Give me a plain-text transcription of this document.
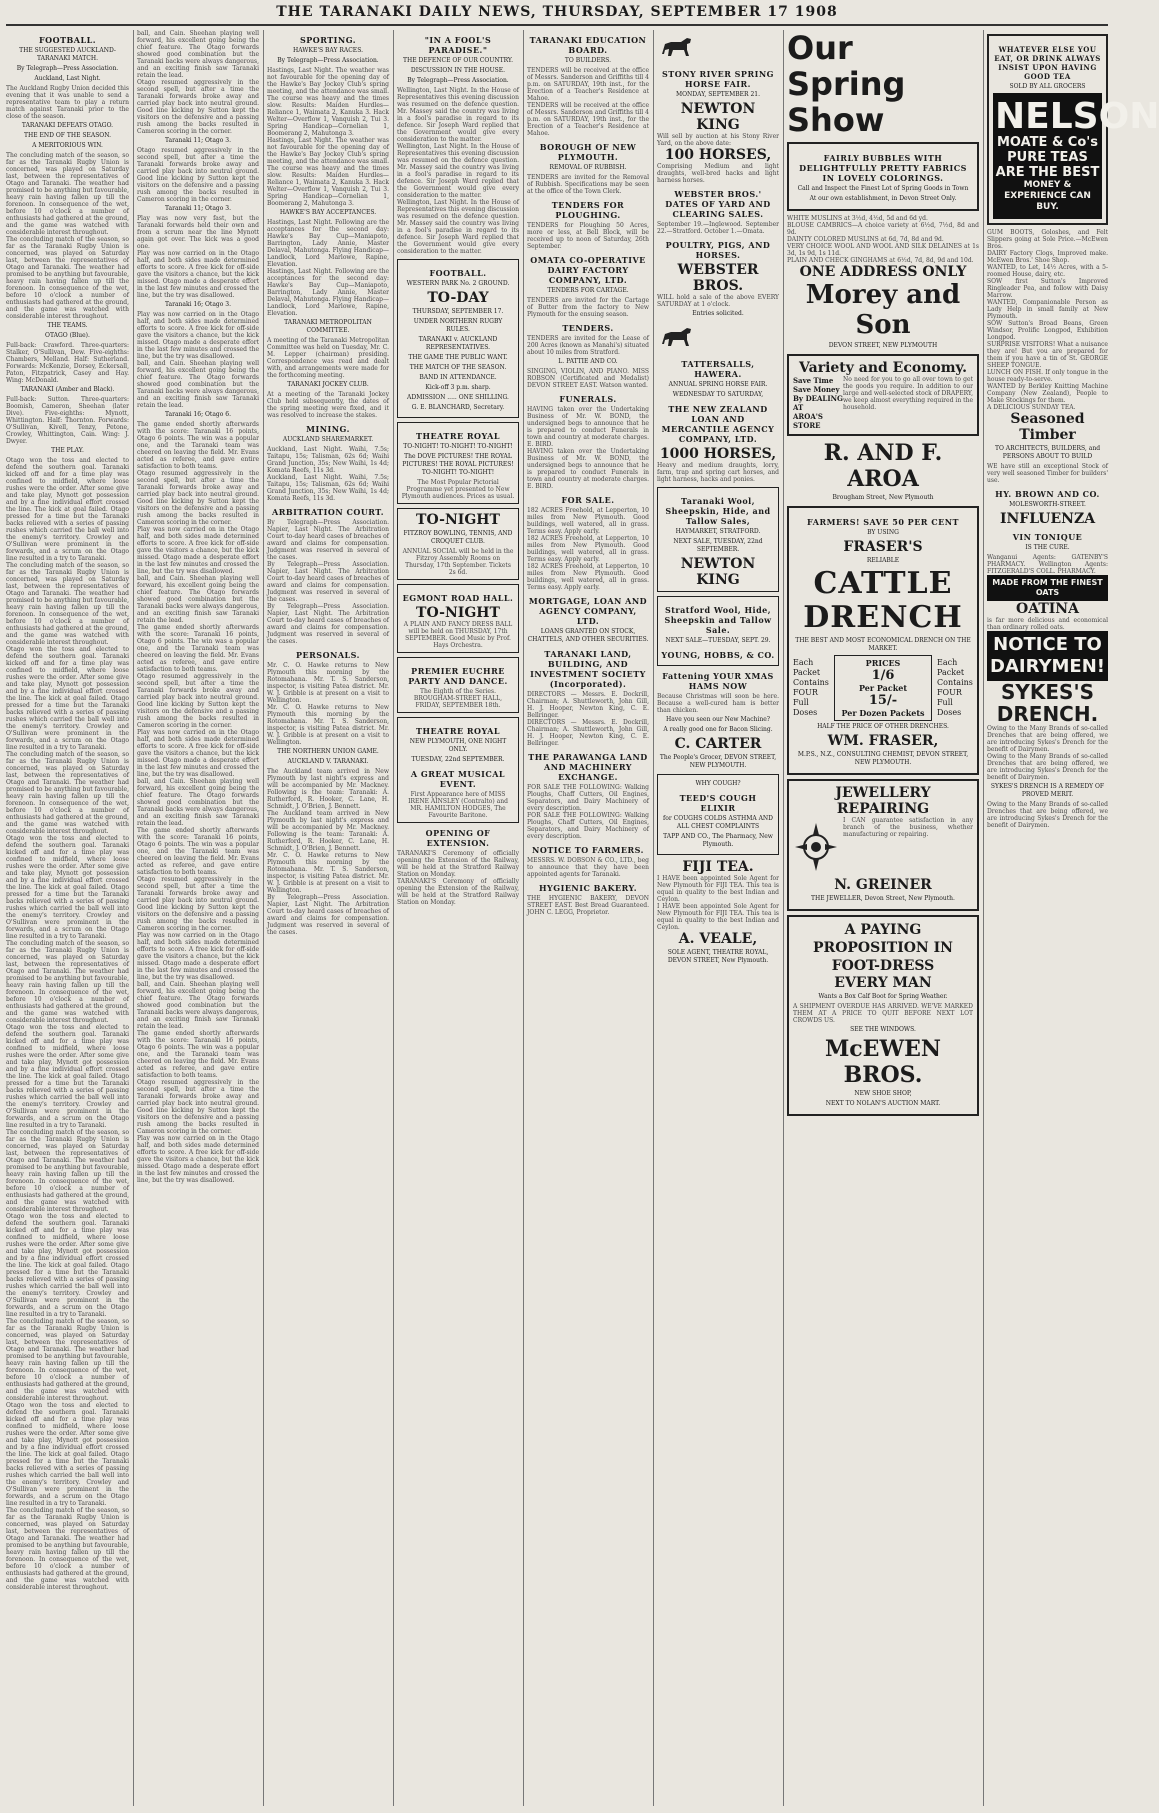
THE TARANAKI DAILY NEWS, THURSDAY, SEPTEMBER 17 1908
FOOTBALL.
THE SUGGESTED AUCKLAND-TARANAKI MATCH.
By Telegraph—Press Association.
Auckland, Last Night.

The Auckland Rugby Union decided this evening that it was unable to send a representative team to play a return match against Taranaki prior to the close of the season.

TARANAKI DEFEATS OTAGO.
THE END OF THE SEASON.
A MERITORIOUS WIN.

The concluding match of the season, so far as the Taranaki Rugby Union is concerned, was played on Saturday last, between the representatives of Otago and Taranaki. The weather had promised to be anything but favourable, heavy rain having fallen up till the forenoon. In consequence of the wet, before 10 o'clock a number of enthusiasts had gathered at the ground, and the game was watched with considerable interest throughout.

The concluding match of the season, so far as the Taranaki Rugby Union is concerned, was played on Saturday last, between the representatives of Otago and Taranaki. The weather had promised to be anything but favourable, heavy rain having fallen up till the forenoon. In consequence of the wet, before 10 o'clock a number of enthusiasts had gathered at the ground, and the game was watched with considerable interest throughout.

THE TEAMS.
OTAGO (Blue).

Full-back: Crawford. Three-quarters: Stalker, O'Sullivan, Dew. Five-eighths: Chambers, Melland. Half: Sutherland. Forwards: McKenzie, Dorsey, Eckersall, Paton, Fitzpatrick, Casey and Hay. Wing: McDonald.

TARANAKI (Amber and Black).

Full-back: Sutton. Three-quarters: Boomish, Cameron, Sheehan (later Dive). Five-eighths: Mynott, Whittington. Half: Thornton. Forwards: O'Sullivan, Kivell, Tenzy, Petone, Crowley, Whittington, Cain. Wing: J. Dwyer.

THE PLAY.

Otago won the toss and elected to defend the southern goal. Taranaki kicked off and for a time play was confined to midfield, where loose rushes were the order. After some give and take play, Mynott got possession and by a fine individual effort crossed the line. The kick at goal failed. Otago pressed for a time but the Taranaki backs relieved with a series of passing rushes which carried the ball well into the enemy's territory. Crowley and O'Sullivan were prominent in the forwards, and a scrum on the Otago line resulted in a try to Taranaki.

The concluding match of the season, so far as the Taranaki Rugby Union is concerned, was played on Saturday last, between the representatives of Otago and Taranaki. The weather had promised to be anything but favourable, heavy rain having fallen up till the forenoon. In consequence of the wet, before 10 o'clock a number of enthusiasts had gathered at the ground, and the game was watched with considerable interest throughout.

Otago won the toss and elected to defend the southern goal. Taranaki kicked off and for a time play was confined to midfield, where loose rushes were the order. After some give and take play, Mynott got possession and by a fine individual effort crossed the line. The kick at goal failed. Otago pressed for a time but the Taranaki backs relieved with a series of passing rushes which carried the ball well into the enemy's territory. Crowley and O'Sullivan were prominent in the forwards, and a scrum on the Otago line resulted in a try to Taranaki.

The concluding match of the season, so far as the Taranaki Rugby Union is concerned, was played on Saturday last, between the representatives of Otago and Taranaki. The weather had promised to be anything but favourable, heavy rain having fallen up till the forenoon. In consequence of the wet, before 10 o'clock a number of enthusiasts had gathered at the ground, and the game was watched with considerable interest throughout.

Otago won the toss and elected to defend the southern goal. Taranaki kicked off and for a time play was confined to midfield, where loose rushes were the order. After some give and take play, Mynott got possession and by a fine individual effort crossed the line. The kick at goal failed. Otago pressed for a time but the Taranaki backs relieved with a series of passing rushes which carried the ball well into the enemy's territory. Crowley and O'Sullivan were prominent in the forwards, and a scrum on the Otago line resulted in a try to Taranaki.

The concluding match of the season, so far as the Taranaki Rugby Union is concerned, was played on Saturday last, between the representatives of Otago and Taranaki. The weather had promised to be anything but favourable, heavy rain having fallen up till the forenoon. In consequence of the wet, before 10 o'clock a number of enthusiasts had gathered at the ground, and the game was watched with considerable interest throughout.

Otago won the toss and elected to defend the southern goal. Taranaki kicked off and for a time play was confined to midfield, where loose rushes were the order. After some give and take play, Mynott got possession and by a fine individual effort crossed the line. The kick at goal failed. Otago pressed for a time but the Taranaki backs relieved with a series of passing rushes which carried the ball well into the enemy's territory. Crowley and O'Sullivan were prominent in the forwards, and a scrum on the Otago line resulted in a try to Taranaki.

The concluding match of the season, so far as the Taranaki Rugby Union is concerned, was played on Saturday last, between the representatives of Otago and Taranaki. The weather had promised to be anything but favourable, heavy rain having fallen up till the forenoon. In consequence of the wet, before 10 o'clock a number of enthusiasts had gathered at the ground, and the game was watched with considerable interest throughout.

Otago won the toss and elected to defend the southern goal. Taranaki kicked off and for a time play was confined to midfield, where loose rushes were the order. After some give and take play, Mynott got possession and by a fine individual effort crossed the line. The kick at goal failed. Otago pressed for a time but the Taranaki backs relieved with a series of passing rushes which carried the ball well into the enemy's territory. Crowley and O'Sullivan were prominent in the forwards, and a scrum on the Otago line resulted in a try to Taranaki.

The concluding match of the season, so far as the Taranaki Rugby Union is concerned, was played on Saturday last, between the representatives of Otago and Taranaki. The weather had promised to be anything but favourable, heavy rain having fallen up till the forenoon. In consequence of the wet, before 10 o'clock a number of enthusiasts had gathered at the ground, and the game was watched with considerable interest throughout.

Otago won the toss and elected to defend the southern goal. Taranaki kicked off and for a time play was confined to midfield, where loose rushes were the order. After some give and take play, Mynott got possession and by a fine individual effort crossed the line. The kick at goal failed. Otago pressed for a time but the Taranaki backs relieved with a series of passing rushes which carried the ball well into the enemy's territory. Crowley and O'Sullivan were prominent in the forwards, and a scrum on the Otago line resulted in a try to Taranaki.

The concluding match of the season, so far as the Taranaki Rugby Union is concerned, was played on Saturday last, between the representatives of Otago and Taranaki. The weather had promised to be anything but favourable, heavy rain having fallen up till the forenoon. In consequence of the wet, before 10 o'clock a number of enthusiasts had gathered at the ground, and the game was watched with considerable interest throughout.

ball, and Cain. Sheehan playing well forward, his excellent going being the chief feature. The Otago forwards showed good combination but the Taranaki backs were always dangerous, and an exciting finish saw Taranaki retain the lead.

Otago resumed aggressively in the second spell, but after a time the Taranaki forwards broke away and carried play back into neutral ground. Good line kicking by Sutton kept the visitors on the defensive and a passing rush among the backs resulted in Cameron scoring in the corner.

Taranaki 11; Otago 3.

Otago resumed aggressively in the second spell, but after a time the Taranaki forwards broke away and carried play back into neutral ground. Good line kicking by Sutton kept the visitors on the defensive and a passing rush among the backs resulted in Cameron scoring in the corner.

Taranaki 11; Otago 3.

Play was now very fast, but the Taranaki forwards held their own and from a scrum near the line Mynott again got over. The kick was a good one.

Play was now carried on in the Otago half, and both sides made determined efforts to score. A free kick for off-side gave the visitors a chance, but the kick missed. Otago made a desperate effort in the last few minutes and crossed the line, but the try was disallowed.

Taranaki 16; Otago 3.

Play was now carried on in the Otago half, and both sides made determined efforts to score. A free kick for off-side gave the visitors a chance, but the kick missed. Otago made a desperate effort in the last few minutes and crossed the line, but the try was disallowed.

ball, and Cain. Sheehan playing well forward, his excellent going being the chief feature. The Otago forwards showed good combination but the Taranaki backs were always dangerous, and an exciting finish saw Taranaki retain the lead.

Taranaki 16; Otago 6.

The game ended shortly afterwards with the score: Taranaki 16 points, Otago 6 points. The win was a popular one, and the Taranaki team was cheered on leaving the field. Mr. Evans acted as referee, and gave entire satisfaction to both teams.

Otago resumed aggressively in the second spell, but after a time the Taranaki forwards broke away and carried play back into neutral ground. Good line kicking by Sutton kept the visitors on the defensive and a passing rush among the backs resulted in Cameron scoring in the corner.

Play was now carried on in the Otago half, and both sides made determined efforts to score. A free kick for off-side gave the visitors a chance, but the kick missed. Otago made a desperate effort in the last few minutes and crossed the line, but the try was disallowed.

ball, and Cain. Sheehan playing well forward, his excellent going being the chief feature. The Otago forwards showed good combination but the Taranaki backs were always dangerous, and an exciting finish saw Taranaki retain the lead.

The game ended shortly afterwards with the score: Taranaki 16 points, Otago 6 points. The win was a popular one, and the Taranaki team was cheered on leaving the field. Mr. Evans acted as referee, and gave entire satisfaction to both teams.

Otago resumed aggressively in the second spell, but after a time the Taranaki forwards broke away and carried play back into neutral ground. Good line kicking by Sutton kept the visitors on the defensive and a passing rush among the backs resulted in Cameron scoring in the corner.

Play was now carried on in the Otago half, and both sides made determined efforts to score. A free kick for off-side gave the visitors a chance, but the kick missed. Otago made a desperate effort in the last few minutes and crossed the line, but the try was disallowed.

ball, and Cain. Sheehan playing well forward, his excellent going being the chief feature. The Otago forwards showed good combination but the Taranaki backs were always dangerous, and an exciting finish saw Taranaki retain the lead.

The game ended shortly afterwards with the score: Taranaki 16 points, Otago 6 points. The win was a popular one, and the Taranaki team was cheered on leaving the field. Mr. Evans acted as referee, and gave entire satisfaction to both teams.

Otago resumed aggressively in the second spell, but after a time the Taranaki forwards broke away and carried play back into neutral ground. Good line kicking by Sutton kept the visitors on the defensive and a passing rush among the backs resulted in Cameron scoring in the corner.

Play was now carried on in the Otago half, and both sides made determined efforts to score. A free kick for off-side gave the visitors a chance, but the kick missed. Otago made a desperate effort in the last few minutes and crossed the line, but the try was disallowed.

ball, and Cain. Sheehan playing well forward, his excellent going being the chief feature. The Otago forwards showed good combination but the Taranaki backs were always dangerous, and an exciting finish saw Taranaki retain the lead.

The game ended shortly afterwards with the score: Taranaki 16 points, Otago 6 points. The win was a popular one, and the Taranaki team was cheered on leaving the field. Mr. Evans acted as referee, and gave entire satisfaction to both teams.

Otago resumed aggressively in the second spell, but after a time the Taranaki forwards broke away and carried play back into neutral ground. Good line kicking by Sutton kept the visitors on the defensive and a passing rush among the backs resulted in Cameron scoring in the corner.

Play was now carried on in the Otago half, and both sides made determined efforts to score. A free kick for off-side gave the visitors a chance, but the kick missed. Otago made a desperate effort in the last few minutes and crossed the line, but the try was disallowed.

SPORTING.
HAWKE'S BAY RACES.
By Telegraph—Press Association.

Hastings, Last Night. The weather was not favourable for the opening day of the Hawke's Bay Jockey Club's spring meeting, and the attendance was small. The course was heavy and the times slow. Results: Maiden Hurdles—Reliance 1, Waimata 2, Kanuka 3. Hack Welter—Overflow 1, Vanquish 2, Tui 3. Spring Handicap—Cornelian 1, Boomerang 2, Mahutonga 3.

Hastings, Last Night. The weather was not favourable for the opening day of the Hawke's Bay Jockey Club's spring meeting, and the attendance was small. The course was heavy and the times slow. Results: Maiden Hurdles—Reliance 1, Waimata 2, Kanuka 3. Hack Welter—Overflow 1, Vanquish 2, Tui 3. Spring Handicap—Cornelian 1, Boomerang 2, Mahutonga 3.

HAWKE'S BAY ACCEPTANCES.

Hastings, Last Night. Following are the acceptances for the second day: Hawke's Bay Cup—Maniapoto, Barrington, Lady Annie, Master Delaval, Mahutonga. Flying Handicap—Landlock, Lord Marlowe, Rapine, Elevation.

Hastings, Last Night. Following are the acceptances for the second day: Hawke's Bay Cup—Maniapoto, Barrington, Lady Annie, Master Delaval, Mahutonga. Flying Handicap—Landlock, Lord Marlowe, Rapine, Elevation.

TARANAKI METROPOLITAN COMMITTEE.

A meeting of the Taranaki Metropolitan Committee was held on Tuesday, Mr. C. M. Lepper (chairman) presiding. Correspondence was read and dealt with, and arrangements were made for the forthcoming meeting.

TARANAKI JOCKEY CLUB.

At a meeting of the Taranaki Jockey Club held subsequently, the dates of the spring meeting were fixed, and it was resolved to increase the stakes.

MINING.
AUCKLAND SHAREMARKET.

Auckland, Last Night. Waihi, 7.5s; Taitapu, 15s; Talisman, 62s 6d; Waihi Grand Junction, 35s; New Waihi, 1s 4d; Komata Reefs, 11s 3d.

Auckland, Last Night. Waihi, 7.5s; Taitapu, 15s; Talisman, 62s 6d; Waihi Grand Junction, 35s; New Waihi, 1s 4d; Komata Reefs, 11s 3d.

ARBITRATION COURT.

By Telegraph—Press Association. Napier, Last Night. The Arbitration Court to-day heard cases of breaches of award and claims for compensation. Judgment was reserved in several of the cases.

By Telegraph—Press Association. Napier, Last Night. The Arbitration Court to-day heard cases of breaches of award and claims for compensation. Judgment was reserved in several of the cases.

By Telegraph—Press Association. Napier, Last Night. The Arbitration Court to-day heard cases of breaches of award and claims for compensation. Judgment was reserved in several of the cases.

PERSONALS.

Mr. C. O. Hawke returns to New Plymouth this morning by the Rotomahana. Mr. T. S. Sanderson, inspector, is visiting Patea district. Mr. W. J. Gribble is at present on a visit to Wellington.

Mr. C. O. Hawke returns to New Plymouth this morning by the Rotomahana. Mr. T. S. Sanderson, inspector, is visiting Patea district. Mr. W. J. Gribble is at present on a visit to Wellington.

THE NORTHERN UNION GAME.
AUCKLAND V. TARANAKI.

The Auckland team arrived in New Plymouth by last night's express and will be accompanied by Mr. Mackney. Following is the team: Taranaki: A. Rutherford, R. Hooker, C. Lane, H. Schmidt, J. O'Brien, J. Bennett.

The Auckland team arrived in New Plymouth by last night's express and will be accompanied by Mr. Mackney. Following is the team: Taranaki: A. Rutherford, R. Hooker, C. Lane, H. Schmidt, J. O'Brien, J. Bennett.

Mr. C. O. Hawke returns to New Plymouth this morning by the Rotomahana. Mr. T. S. Sanderson, inspector, is visiting Patea district. Mr. W. J. Gribble is at present on a visit to Wellington.

By Telegraph—Press Association. Napier, Last Night. The Arbitration Court to-day heard cases of breaches of award and claims for compensation. Judgment was reserved in several of the cases.

"IN A FOOL'S PARADISE."
THE DEFENCE OF OUR COUNTRY.
DISCUSSION IN THE HOUSE.
By Telegraph—Press Association.

Wellington, Last Night. In the House of Representatives this evening discussion was resumed on the defence question. Mr. Massey said the country was living in a fool's paradise in regard to its defence. Sir Joseph Ward replied that the Government would give every consideration to the matter.

Wellington, Last Night. In the House of Representatives this evening discussion was resumed on the defence question. Mr. Massey said the country was living in a fool's paradise in regard to its defence. Sir Joseph Ward replied that the Government would give every consideration to the matter.

Wellington, Last Night. In the House of Representatives this evening discussion was resumed on the defence question. Mr. Massey said the country was living in a fool's paradise in regard to its defence. Sir Joseph Ward replied that the Government would give every consideration to the matter.

FOOTBALL.
WESTERN PARK No. 2 GROUND.
TO-DAY
THURSDAY, SEPTEMBER 17.
UNDER NORTHERN RUGBY RULES.
TARANAKI v. AUCKLAND REPRESENTATIVES.
THE GAME THE PUBLIC WANT.
THE MATCH OF THE SEASON.
BAND IN ATTENDANCE.
Kick-off 3 p.m. sharp.
ADMISSION ..... ONE SHILLING.
G. E. BLANCHARD, Secretary.
THEATRE ROYAL
TO-NIGHT! TO-NIGHT! TO-NIGHT!
The DOVE PICTURES! THE ROYAL PICTURES! THE ROYAL PICTURES! TO-NIGHT! TO-NIGHT!

The Most Popular Pictorial Programme yet presented to New Plymouth audiences. Prices as usual.

TO-NIGHT
FITZROY BOWLING, TENNIS, AND CROQUET CLUB.

ANNUAL SOCIAL will be held in the Fitzroy Assembly Rooms on Thursday, 17th September. Tickets 2s 6d.

EGMONT ROAD HALL.
TO-NIGHT

A PLAIN AND FANCY DRESS BALL will be held on THURSDAY, 17th SEPTEMBER. Good Music by Prof. Hays Orchestra.

PREMIER EUCHRE PARTY AND DANCE.

The Eighth of the Series. BROUGHAM-STREET HALL, FRIDAY, SEPTEMBER 18th.

THEATRE ROYAL
NEW PLYMOUTH, ONE NIGHT ONLY.
TUESDAY, 22nd SEPTEMBER.
A GREAT MUSICAL EVENT.

First Appearance here of MISS IRENE AINSLEY (Contralto) and MR. HAMILTON HODGES, The Favourite Baritone.

OPENING OF EXTENSION.

TARANAKI'S Ceremony of officially opening the Extension of the Railway, will be held at the Stratford Railway Station on Monday.

TARANAKI'S Ceremony of officially opening the Extension of the Railway, will be held at the Stratford Railway Station on Monday.

TARANAKI EDUCATION BOARD.
TO BUILDERS.

TENDERS will be received at the office of Messrs. Sanderson and Griffiths till 4 p.m. on SATURDAY, 19th inst., for the Erection of a Teacher's Residence at Mahoe.

TENDERS will be received at the office of Messrs. Sanderson and Griffiths till 4 p.m. on SATURDAY, 19th inst., for the Erection of a Teacher's Residence at Mahoe.

BOROUGH OF NEW PLYMOUTH.
REMOVAL OF RUBBISH.

TENDERS are invited for the Removal of Rubbish. Specifications may be seen at the office of the Town Clerk.

TENDERS FOR PLOUGHING.

TENDERS for Ploughing 50 Acres, more or less, at Bell Block, will be received up to noon of Saturday, 26th September.

OMATA CO-OPERATIVE DAIRY FACTORY COMPANY, LTD.
TENDERS FOR CARTAGE.

TENDERS are invited for the Cartage of Butter from the factory to New Plymouth for the ensuing season.

TENDERS.

TENDERS are invited for the Lease of 200 Acres (known as Manahi's) situated about 10 miles from Stratford.

L. PATTIE AND CO.

SINGING, VIOLIN, AND PIANO. MISS ROBSON (Certificated and Medalist) DEVON STREET EAST. Watson wanted.

FUNERALS.

HAVING taken over the Undertaking Business of Mr. W. BOND, the undersigned begs to announce that he is prepared to conduct Funerals in town and country at moderate charges. E. BIRD.

HAVING taken over the Undertaking Business of Mr. W. BOND, the undersigned begs to announce that he is prepared to conduct Funerals in town and country at moderate charges. E. BIRD.

FOR SALE.

182 ACRES Freehold, at Lepperton, 10 miles from New Plymouth. Good buildings, well watered, all in grass. Terms easy. Apply early.

182 ACRES Freehold, at Lepperton, 10 miles from New Plymouth. Good buildings, well watered, all in grass. Terms easy. Apply early.

182 ACRES Freehold, at Lepperton, 10 miles from New Plymouth. Good buildings, well watered, all in grass. Terms easy. Apply early.

MORTGAGE, LOAN AND AGENCY COMPANY, LTD.
LOANS GRANTED ON STOCK, CHATTELS, AND OTHER SECURITIES.
TARANAKI LAND, BUILDING, AND INVESTMENT SOCIETY (Incorporated).

DIRECTORS — Messrs. E. Dockrill, Chairman; A. Shuttleworth, John Gill, H. J. Hooper, Newton King, C. E. Bellringer.

DIRECTORS — Messrs. E. Dockrill, Chairman; A. Shuttleworth, John Gill, H. J. Hooper, Newton King, C. E. Bellringer.

THE PARAWANGA LAND AND MACHINERY EXCHANGE.

FOR SALE THE FOLLOWING: Walking Ploughs, Chaff Cutters, Oil Engines, Separators, and Dairy Machinery of every description.

FOR SALE THE FOLLOWING: Walking Ploughs, Chaff Cutters, Oil Engines, Separators, and Dairy Machinery of every description.

NOTICE TO FARMERS.

MESSRS. W. DOBSON & CO., LTD., beg to announce that they have been appointed agents for Taranaki.

HYGIENIC BAKERY.

THE HYGIENIC BAKERY, DEVON STREET EAST. Best Bread Guaranteed. JOHN C. LEGG, Proprietor.

STONY RIVER SPRING HORSE FAIR.
MONDAY, SEPTEMBER 21.
NEWTON KING

Will sell by auction at his Stony River Yard, on the above date:

100 HORSES,

Comprising Medium and light draughts, well-bred hacks and light harness horses.

WEBSTER BROS.' DATES OF YARD AND CLEARING SALES.

September 19.—Inglewood. September 22.—Stratford. October 1.—Omata.

POULTRY, PIGS, AND HORSES.
WEBSTER BROS.

WILL hold a sale of the above EVERY SATURDAY at 1 o'clock.

Entries solicited.
TATTERSALLS, HAWERA.
ANNUAL SPRING HORSE FAIR.
WEDNESDAY TO SATURDAY,
THE NEW ZEALAND LOAN AND MERCANTILE AGENCY COMPANY, LTD.
1000 HORSES,

Heavy and medium draughts, lorry, farm, trap and spring cart horses, and light harness, hacks and ponies.

Taranaki Wool, Sheepskin, Hide, and Tallow Sales,
HAYMARKET, STRATFORD.
NEXT SALE, TUESDAY, 22nd SEPTEMBER.
NEWTON KING
Stratford Wool, Hide, Sheepskin and Tallow Sale.
NEXT SALE—TUESDAY, SEPT. 29.
YOUNG, HOBBS, & CO.
Fattening YOUR XMAS HAMS NOW

Because Christmas will soon be here. Because a well-cured ham is better than chicken.

Have you seen our New Machine?
A really good one for Bacon Slicing.
C. CARTER
The People's Grocer, DEVON STREET, NEW PLYMOUTH.
WHY COUGH?
TEED'S COUGH ELIXIR
for COUGHS COLDS ASTHMA AND ALL CHEST COMPLAINTS
TAPP AND CO., The Pharmacy, New Plymouth.
FIJI TEA.

I HAVE been appointed Sole Agent for New Plymouth for FIJI TEA. This tea is equal in quality to the best Indian and Ceylon.

I HAVE been appointed Sole Agent for New Plymouth for FIJI TEA. This tea is equal in quality to the best Indian and Ceylon.

A. VEALE,
SOLE AGENT, THEATRE ROYAL, DEVON STREET, New Plymouth.
Our
Spring
Show
FAIRLY BUBBLES WITH DELIGHTFULLY PRETTY FABRICS IN LOVELY COLORINGS.
Call and Inspect the Finest Lot of Spring Goods in Town
At our own establishment, in Devon Street Only.

WHITE MUSLINS at 3½d, 4½d, 5d and 6d yd.

BLOUSE CAMBRICS—A choice variety at 6½d, 7½d, 8d and 9d.

DAINTY COLORED MUSLINS at 6d, 7d, 8d and 9d.

VERY CHOICE WOOL AND WOOL AND SILK DELAINES at 1s 3d, 1s 9d, 1s 11d.

PLAIN AND CHECK GINGHAMS at 6½d, 7d, 8d, 9d and 10d.

ONE ADDRESS ONLY
Morey and Son
DEVON STREET, NEW PLYMOUTH
Variety and Economy.
Save Time
Save Money
By DEALING AT
AROA'S STORE

No need for you to go all over town to get the goods you require. In addition to our large and well-selected stock of DRAPERY, we keep almost everything required in the household.

R. AND F. AROA
Brougham Street, New Plymouth
FARMERS! SAVE 50 PER CENT
BY USING
FRASER'S
RELIABLE
CATTLE DRENCH
THE BEST AND MOST ECONOMICAL DRENCH ON THE MARKET.
Each Packet Contains FOUR Full Doses
PRICES
1/6
Per Packet
15/-
Per Dozen Packets
Each Packet Contains FOUR Full Doses
HALF THE PRICE OF OTHER DRENCHES.
WM. FRASER,
M.P.S., N.Z., CONSULTING CHEMIST, DEVON STREET, NEW PLYMOUTH.
JEWELLERY REPAIRING

I CAN guarantee satisfaction in any branch of the business, whether manufacturing or repairing.

N. GREINER
THE JEWELLER, Devon Street, New Plymouth.
A PAYING PROPOSITION IN FOOT-DRESS
EVERY MAN
Wants a Box Calf Boot for Spring Weather.

A SHIPMENT OVERDUE HAS ARRIVED. WE'VE MARKED THEM AT A PRICE TO QUIT BEFORE NEXT LOT CROWDS US.

SEE THE WINDOWS.
McEWEN BROS.
NEW SHOE SHOP,
NEXT TO NOLAN'S AUCTION MART.
WHATEVER ELSE YOU EAT, OR DRINK ALWAYS INSIST UPON HAVING GOOD TEA
SOLD BY ALL GROCERS
NELSON
MOATE & Co's
PURE TEAS
ARE THE BEST
MONEY & EXPERIENCE CAN BUY.

GUM BOOTS, Goloshes, and Felt Slippers going at Sole Price.—McEwen Bros.

DAIRY Factory Clogs, Improved make. McEwen Bros.' Shoe Shop.

WANTED, to Let, 14½ Acres, with a 5-roomed House, dairy, etc.

SOW first Sutton's Improved Ringleader Pea, and follow with Daisy Marrow.

WANTED, Companionable Person as Lady Help in small family at New Plymouth.

SOW Sutton's Broad Beans, Green Windsor, Prolific Longpod, Exhibition Longpod.

SURPRISE VISITORS! What a nuisance they are! But you are prepared for them if you have a tin of St. GEORGE SHEEP TONGUE.

LUNCH ON FISH. If only tongue in the house ready-to-serve.

WANTED by Berkley Knitting Machine Company (New Zealand), People to Make Stockings for them.

A DELICIOUS SUNDAY TEA.

Seasoned Timber
TO ARCHITECTS, BUILDERS, and PERSONS ABOUT TO BUILD

WE have still an exceptional Stock of very well seasoned Timber for builders' use.

HY. BROWN AND CO.
MOLESWORTH-STREET.
INFLUENZA
VIN TONIQUE
IS THE CURE.

Wanganui Agents: GATENBY'S PHARMACY. Wellington Agents: FITZGERALD'S COLL. PHARMACY.

MADE FROM THE FINEST OATS
OATINA

is far more delicious and economical than ordinary rolled oats.

NOTICE TO DAIRYMEN!
SYKES'S DRENCH.

Owing to the Many Brands of so-called Drenches that are being offered, we are introducing Sykes's Drench for the benefit of Dairymen.

Owing to the Many Brands of so-called Drenches that are being offered, we are introducing Sykes's Drench for the benefit of Dairymen.

SYKES'S DRENCH IS A REMEDY OF PROVED MERIT.

Owing to the Many Brands of so-called Drenches that are being offered, we are introducing Sykes's Drench for the benefit of Dairymen.
